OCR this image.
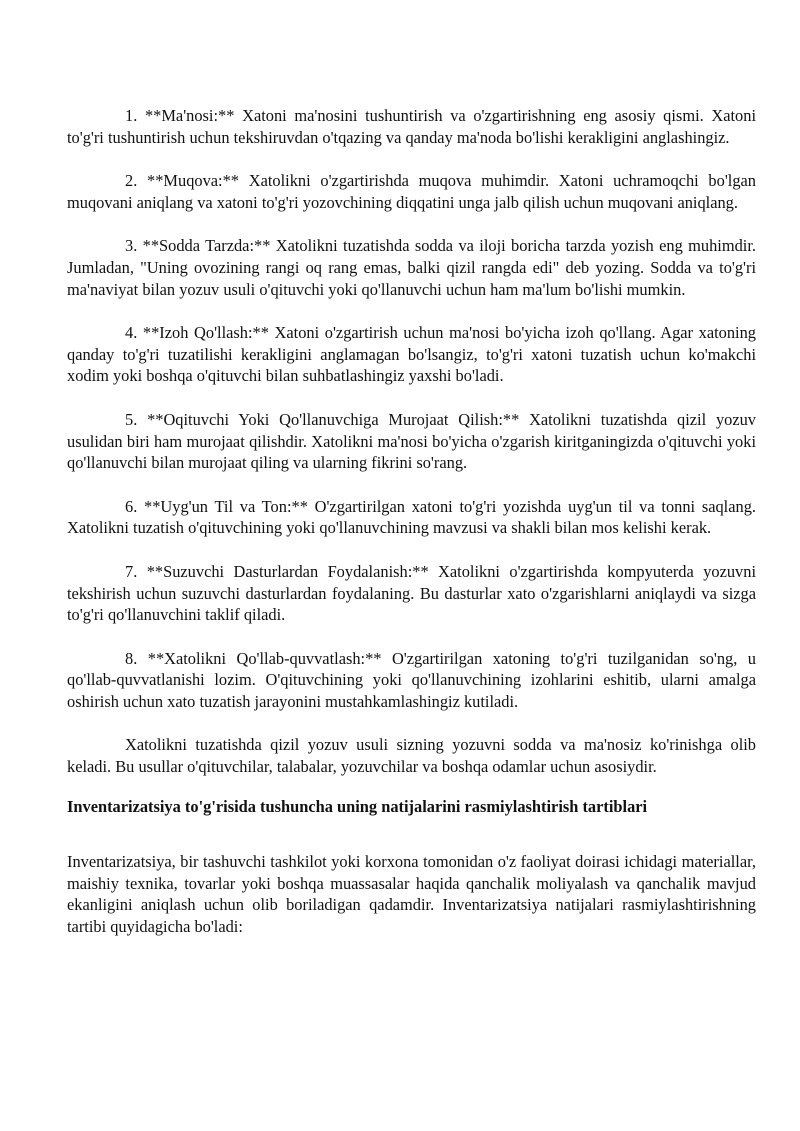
1. **Ma'nosi:** Xatoni ma'nosini tushuntirish va o'zgartirishning eng asosiy qismi. Xatoni to'g'ri tushuntirish uchun tekshiruvdan o'tqazing va qanday ma'noda bo'lishi kerakligini anglashingiz.

2. **Muqova:** Xatolikni o'zgartirishda muqova muhimdir. Xatoni uchramoqchi bo'lgan muqovani aniqlang va xatoni to'g'ri yozovchining diqqatini unga jalb qilish uchun muqovani aniqlang.

3. **Sodda Tarzda:** Xatolikni tuzatishda sodda va iloji boricha tarzda yozish eng muhimdir. Jumladan, "Uning ovozining rangi oq rang emas, balki qizil rangda edi" deb yozing. Sodda va to'g'ri ma'naviyat bilan yozuv usuli o'qituvchi yoki qo'llanuvchi uchun ham ma'lum bo'lishi mumkin.

4. **Izoh Qo'llash:** Xatoni o'zgartirish uchun ma'nosi bo'yicha izoh qo'llang. Agar xatoning qanday to'g'ri tuzatilishi kerakligini anglamagan bo'lsangiz, to'g'ri xatoni tuzatish uchun ko'makchi xodim yoki boshqa o'qituvchi bilan suhbatlashingiz yaxshi bo'ladi.

5. **Oqituvchi Yoki Qo'llanuvchiga Murojaat Qilish:** Xatolikni tuzatishda qizil yozuv usulidan biri ham murojaat qilishdir. Xatolikni ma'nosi bo'yicha o'zgarish kiritganingizda o'qituvchi yoki qo'llanuvchi bilan murojaat qiling va ularning fikrini so'rang.

6. **Uyg'un Til va Ton:** O'zgartirilgan xatoni to'g'ri yozishda uyg'un til va tonni saqlang. Xatolikni tuzatish o'qituvchining yoki qo'llanuvchining mavzusi va shakli bilan mos kelishi kerak.

7. **Suzuvchi Dasturlardan Foydalanish:** Xatolikni o'zgartirishda kompyuterda yozuvni tekshirish uchun suzuvchi dasturlardan foydalaning. Bu dasturlar xato o'zgarishlarni aniqlaydi va sizga to'g'ri qo'llanuvchini taklif qiladi.

8. **Xatolikni Qo'llab-quvvatlash:** O'zgartirilgan xatoning to'g'ri tuzilganidan so'ng, u qo'llab-quvvatlanishi lozim. O'qituvchining yoki qo'llanuvchining izohlarini eshitib, ularni amalga oshirish uchun xato tuzatish jarayonini mustahkamlashingiz kutiladi.

Xatolikni tuzatishda qizil yozuv usuli sizning yozuvni sodda va ma'nosiz ko'rinishga olib keladi. Bu usullar o'qituvchilar, talabalar, yozuvchilar va boshqa odamlar uchun asosiydir.

Inventarizatsiya to'g'risida tushuncha uning natijalarini rasmiylashtirish tartiblari

Inventarizatsiya, bir tashuvchi tashkilot yoki korxona tomonidan o'z faoliyat doirasi ichidagi materiallar, maishiy texnika, tovarlar yoki boshqa muassasalar haqida qanchalik moliyalash va qanchalik mavjud ekanligini aniqlash uchun olib boriladigan qadamdir. Inventarizatsiya natijalari rasmiylashtirishning tartibi quyidagicha bo'ladi:
